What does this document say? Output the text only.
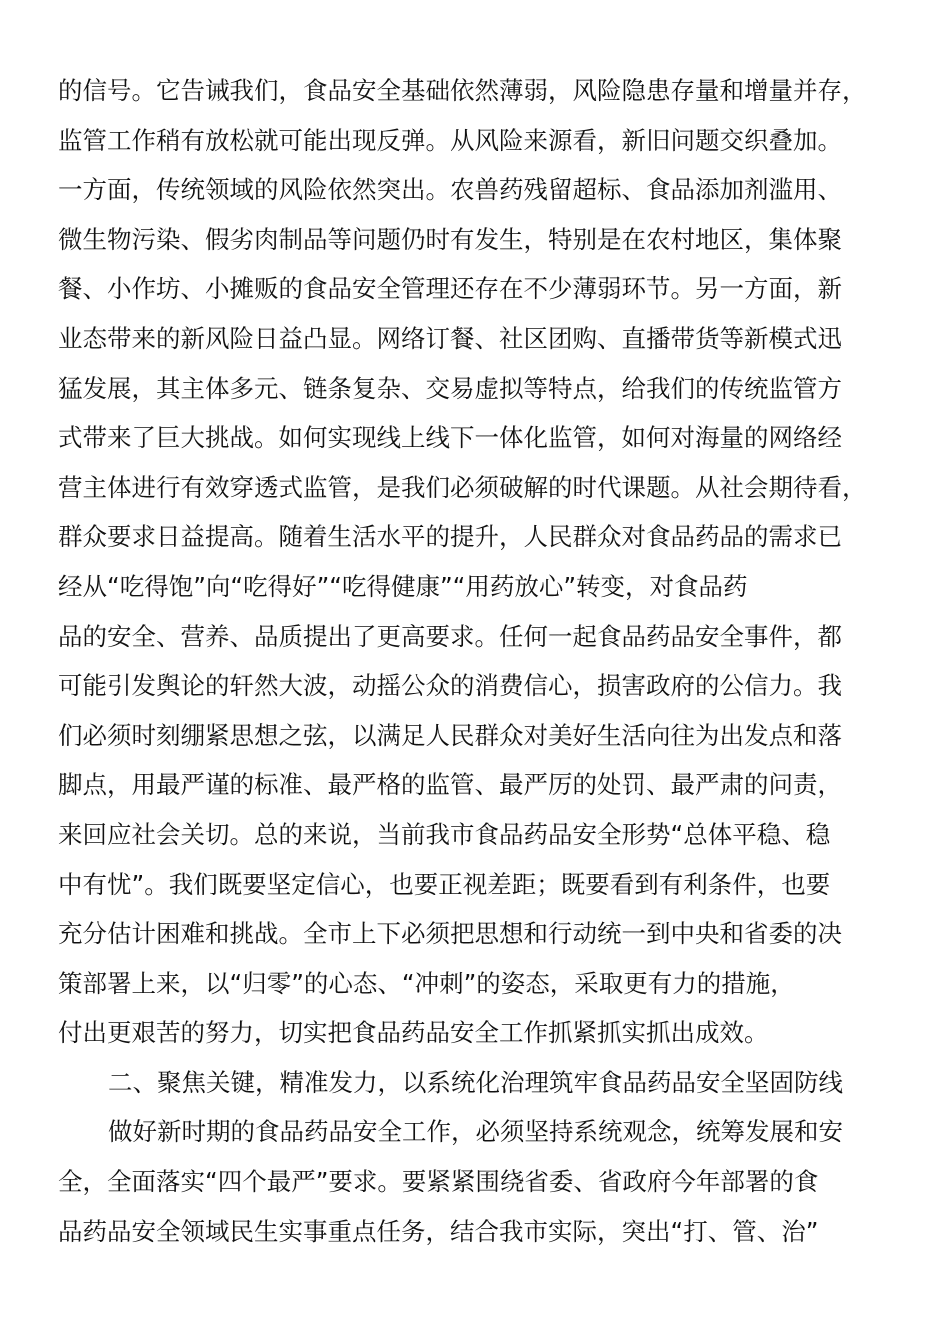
的信号。它告诫我们，食品安全基础依然薄弱，风险隐患存量和增量并存，
监管工作稍有放松就可能出现反弹。从风险来源看，新旧问题交织叠加。
一方面，传统领域的风险依然突出。农兽药残留超标、食品添加剂滥用、
微生物污染、假劣肉制品等问题仍时有发生，特别是在农村地区，集体聚
餐、小作坊、小摊贩的食品安全管理还存在不少薄弱环节。另一方面，新
业态带来的新风险日益凸显。网络订餐、社区团购、直播带货等新模式迅
猛发展，其主体多元、链条复杂、交易虚拟等特点，给我们的传统监管方
式带来了巨大挑战。如何实现线上线下一体化监管，如何对海量的网络经
营主体进行有效穿透式监管，是我们必须破解的时代课题。从社会期待看，
群众要求日益提高。随着生活水平的提升，人民群众对食品药品的需求已
经从“吃得饱”向“吃得好”“吃得健康”“用药放心”转变，对食品药
品的安全、营养、品质提出了更高要求。任何一起食品药品安全事件，都
可能引发舆论的轩然大波，动摇公众的消费信心，损害政府的公信力。我
们必须时刻绷紧思想之弦，以满足人民群众对美好生活向往为出发点和落
脚点，用最严谨的标准、最严格的监管、最严厉的处罚、最严肃的问责，
来回应社会关切。总的来说，当前我市食品药品安全形势“总体平稳、稳
中有忧”。我们既要坚定信心，也要正视差距；既要看到有利条件，也要
充分估计困难和挑战。全市上下必须把思想和行动统一到中央和省委的决
策部署上来，以“归零”的心态、“冲刺”的姿态，采取更有力的措施，
付出更艰苦的努力，切实把食品药品安全工作抓紧抓实抓出成效。
二、聚焦关键，精准发力，以系统化治理筑牢食品药品安全坚固防线
做好新时期的食品药品安全工作，必须坚持系统观念，统筹发展和安
全，全面落实“四个最严”要求。要紧紧围绕省委、省政府今年部署的食
品药品安全领域民生实事重点任务，结合我市实际，突出“打、管、治”
